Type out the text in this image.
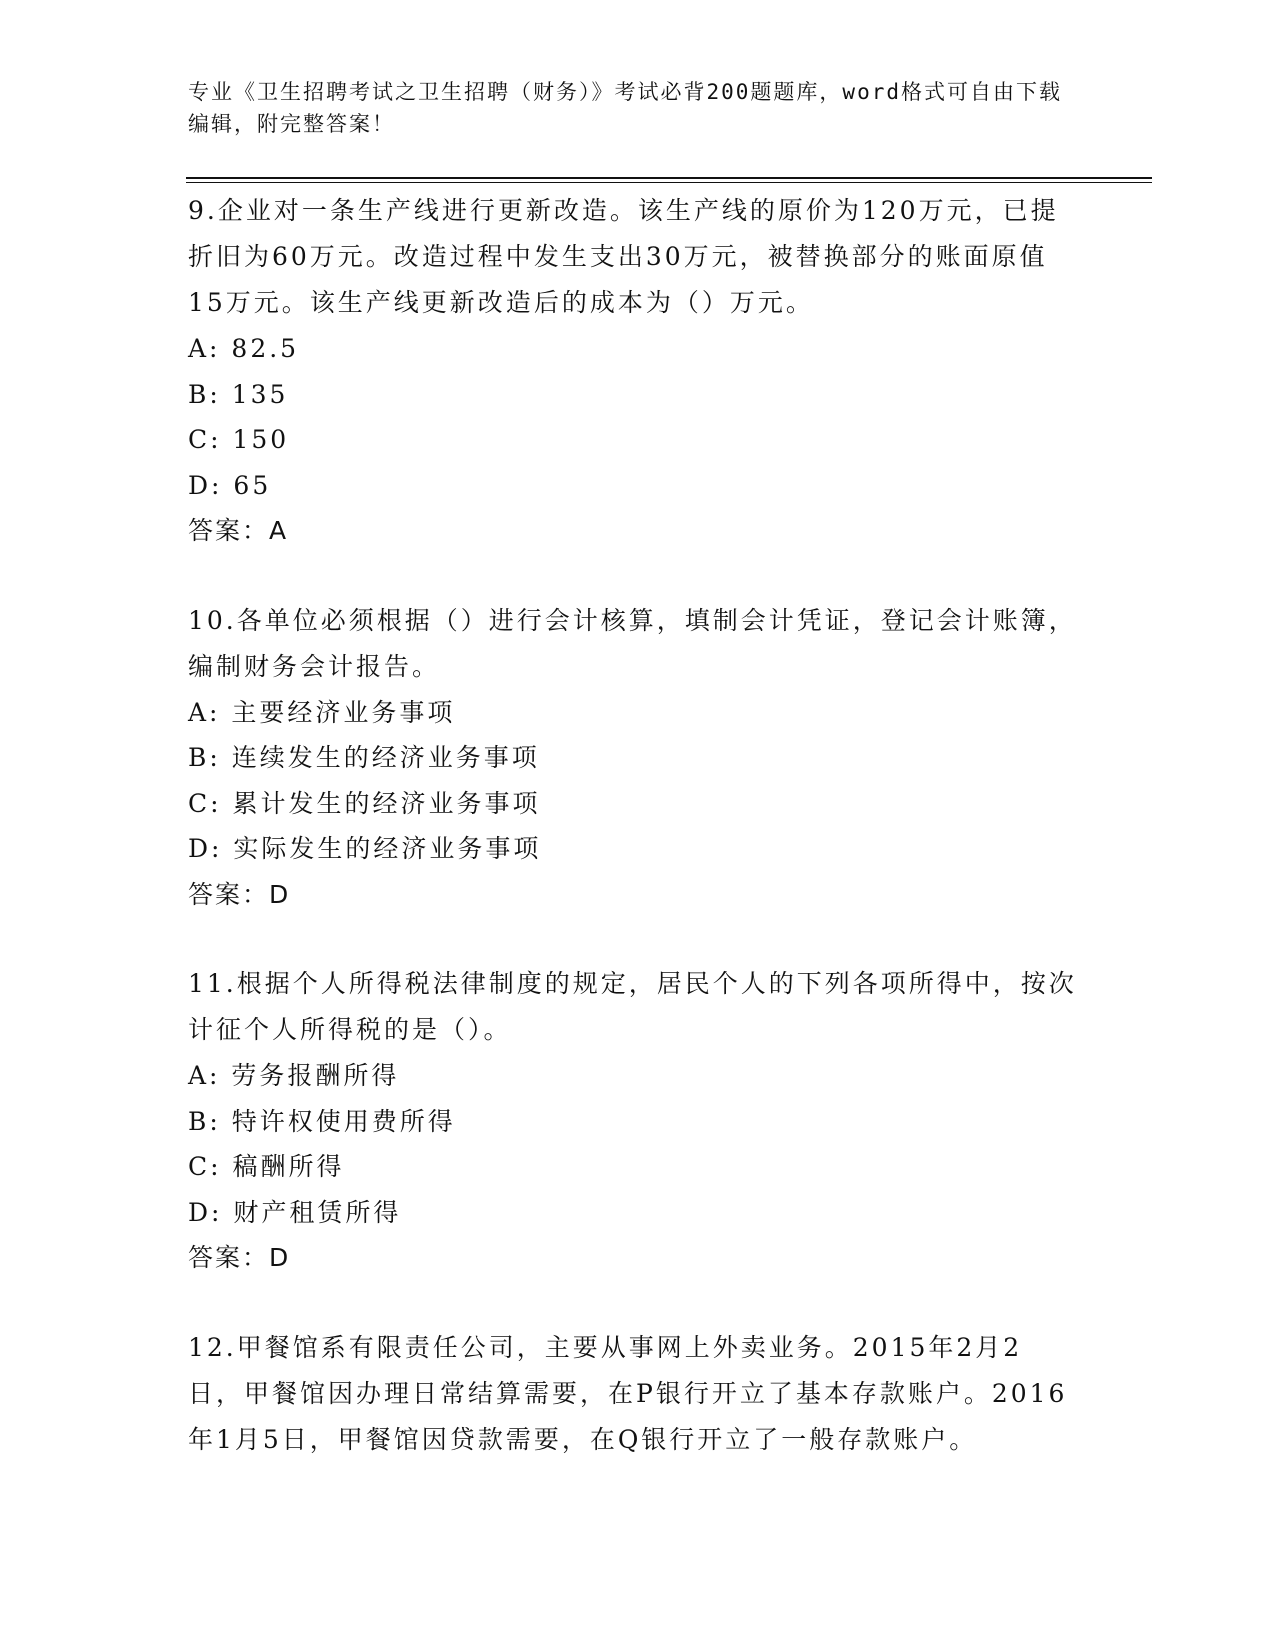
专业《卫生招聘考试之卫生招聘（财务）》考试必背200题题库，word格式可自由下载编辑，附完整答案！
9.企业对一条生产线进行更新改造。该生产线的原价为120万元，已提折旧为60万元。改造过程中发生支出30万元，被替换部分的账面原值15万元。该生产线更新改造后的成本为（）万元。
A: 82.5
B: 135
C: 150
D: 65
答案：A
10.各单位必须根据（）进行会计核算，填制会计凭证，登记会计账簿，编制财务会计报告。
A: 主要经济业务事项
B: 连续发生的经济业务事项
C: 累计发生的经济业务事项
D: 实际发生的经济业务事项
答案：D
11.根据个人所得税法律制度的规定，居民个人的下列各项所得中，按次计征个人所得税的是（）。
A: 劳务报酬所得
B: 特许权使用费所得
C: 稿酬所得
D: 财产租赁所得
答案：D
12.甲餐馆系有限责任公司，主要从事网上外卖业务。2015年2月2日，甲餐馆因办理日常结算需要，在P银行开立了基本存款账户。2016年1月5日，甲餐馆因贷款需要，在Q银行开立了一般存款账户。
